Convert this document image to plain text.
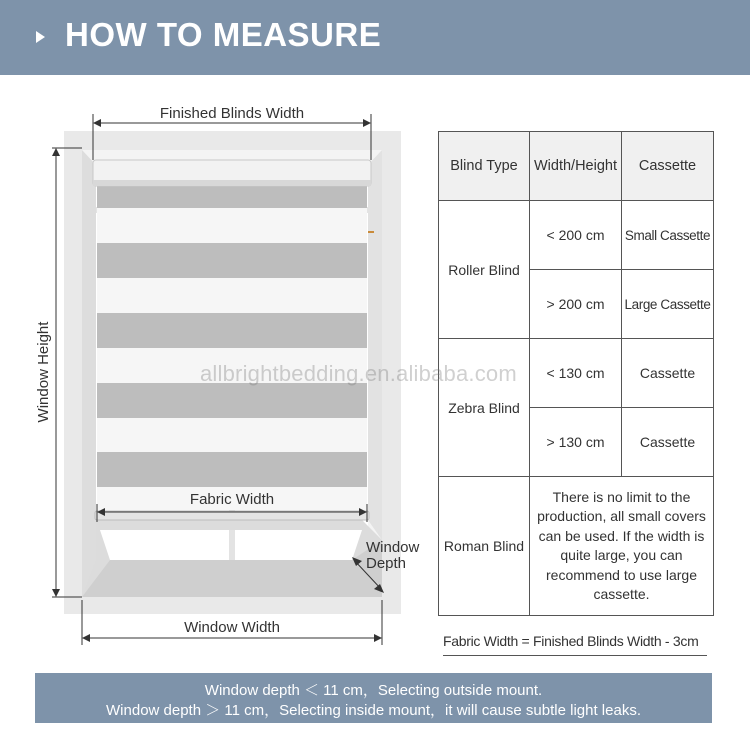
HOW TO MEASURE
Finished Blinds Width
Window Height
Fabric Width
Window
Depth
Window Width
Blind Type	Width/Height	Cassette
Roller Blind	< 200 cm	Small Cassette
	> 200 cm	Large Cassette
Zebra Blind	< 130 cm	Cassette
	> 130 cm	Cassette
Roman Blind	There is no limit to the production, all small covers can be used. If the width is quite large, you can recommend to use large cassette.	
allbrightbedding.en.alibaba.com
Fabric Width = Finished Blinds Width - 3cm
Window depth ＜ 11 cm，Selecting outside mount.
Window depth ＞ 11 cm，Selecting inside mount，it will cause subtle light leaks.
